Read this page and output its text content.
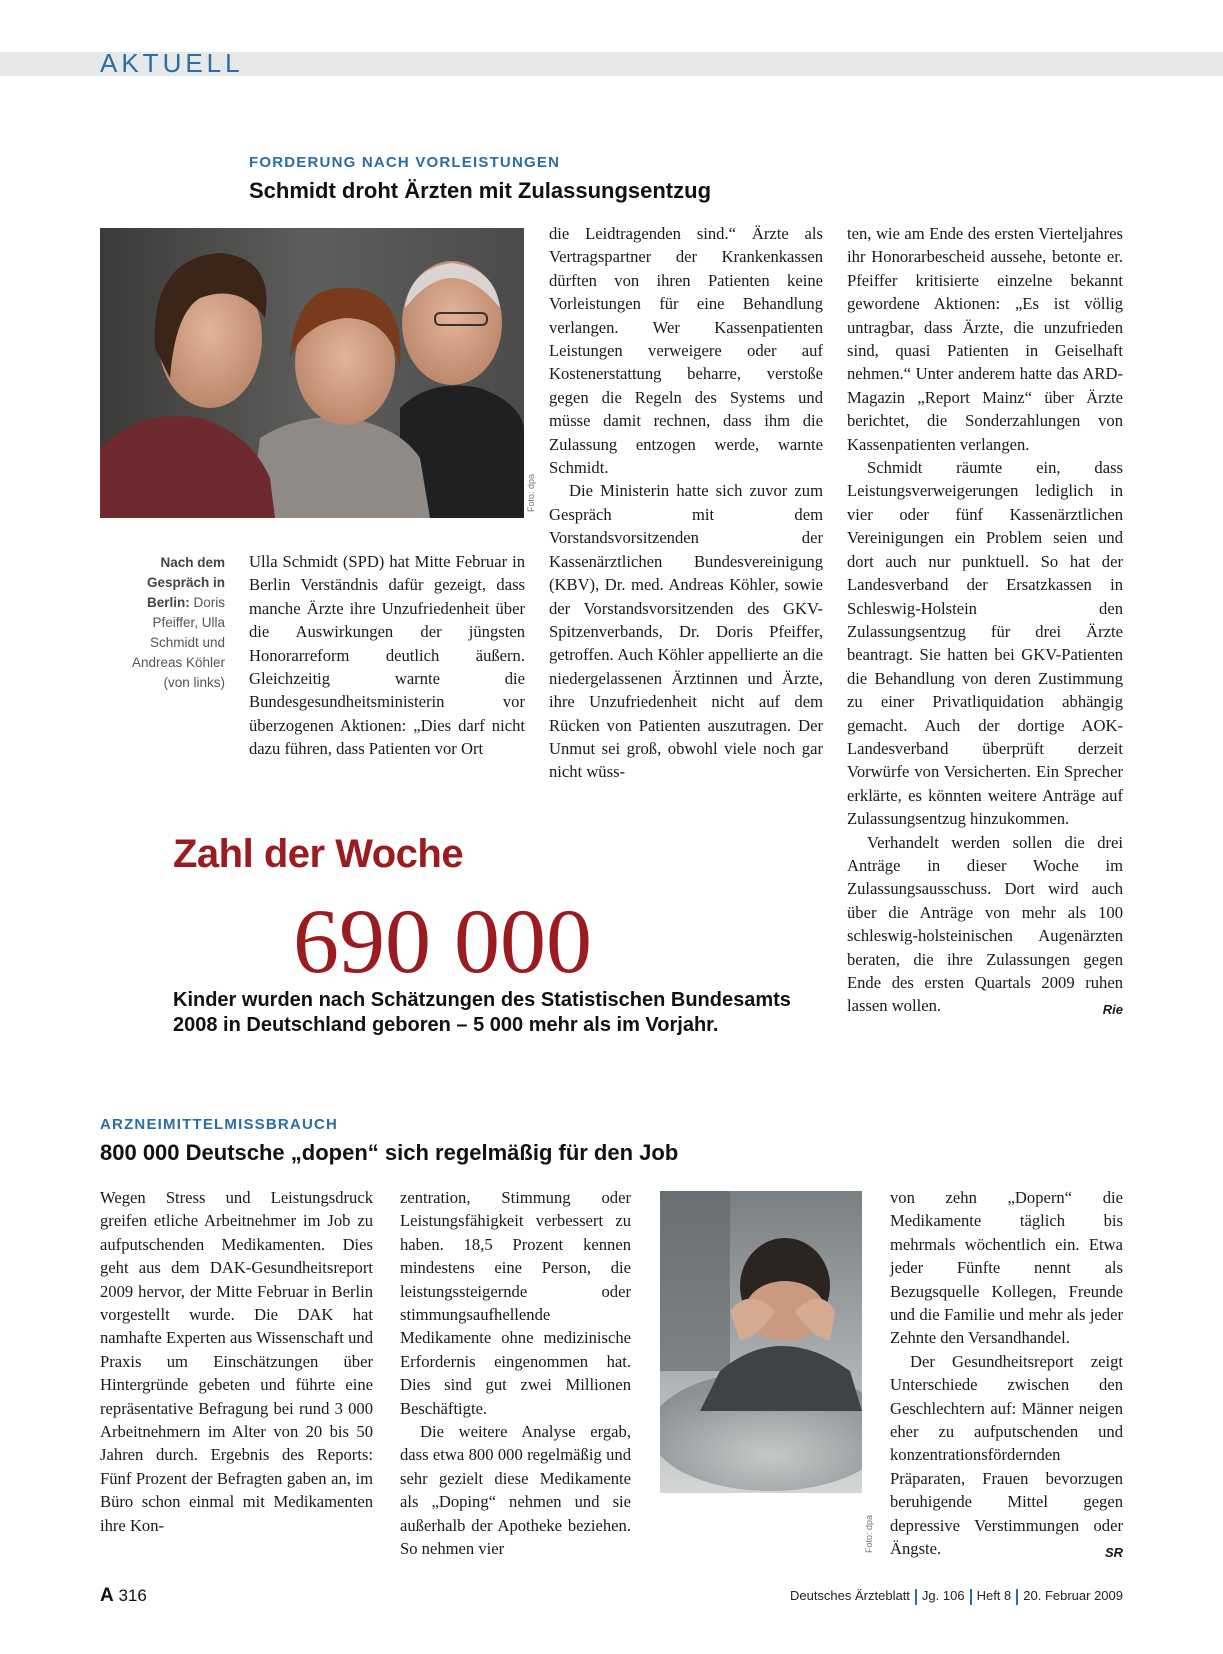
AKTUELL
FORDERUNG NACH VORLEISTUNGEN
Schmidt droht Ärzten mit Zulassungsentzug
Foto: dpa
Nach dem Gespräch in Berlin: Doris Pfeiffer, Ulla Schmidt und Andreas Köhler (von links)

Ulla Schmidt (SPD) hat Mitte Februar in Berlin Verständnis dafür gezeigt, dass manche Ärzte ihre Unzufriedenheit über die Auswirkungen der jüngsten Honorarreform deutlich äußern. Gleichzeitig warnte die Bundesgesundheitsministerin vor überzogenen Aktionen: „Dies darf nicht dazu führen, dass Patienten vor Ort

die Leidtragenden sind.“ Ärzte als Vertragspartner der Krankenkassen dürften von ihren Patienten keine Vorleistungen für eine Behandlung verlangen. Wer Kassenpatienten Leistungen verweigere oder auf Kostenerstattung beharre, verstoße gegen die Regeln des Systems und müsse damit rechnen, dass ihm die Zulassung entzogen werde, warnte Schmidt.

Die Ministerin hatte sich zuvor zum Gespräch mit dem Vorstandsvorsitzenden der Kassenärztlichen Bundesvereinigung (KBV), Dr. med. Andreas Köhler, sowie der Vorstandsvorsitzenden des GKV-Spitzenverbands, Dr. Doris Pfeiffer, getroffen. Auch Köhler appellierte an die niedergelassenen Ärztinnen und Ärzte, ihre Unzufriedenheit nicht auf dem Rücken von Patienten auszutragen. Der Unmut sei groß, obwohl viele noch gar nicht wüss-

ten, wie am Ende des ersten Vierteljahres ihr Honorarbescheid aussehe, betonte er. Pfeiffer kritisierte einzelne bekannt gewordene Aktionen: „Es ist völlig untragbar, dass Ärzte, die unzufrieden sind, quasi Patienten in Geiselhaft nehmen.“ Unter anderem hatte das ARD-Magazin „Report Mainz“ über Ärzte berichtet, die Sonderzahlungen von Kassenpatienten verlangen.

Schmidt räumte ein, dass Leistungsverweigerungen lediglich in vier oder fünf Kassenärztlichen Vereinigungen ein Problem seien und dort auch nur punktuell. So hat der Landesverband der Ersatzkassen in Schleswig-Holstein den Zulassungsentzug für drei Ärzte beantragt. Sie hatten bei GKV-Patienten die Behandlung von deren Zustimmung zu einer Privatliquidation abhängig gemacht. Auch der dortige AOK-Landesverband überprüft derzeit Vorwürfe von Versicherten. Ein Sprecher erklärte, es könnten weitere Anträge auf Zulassungsentzug hinzukommen.

Verhandelt werden sollen die drei Anträge in dieser Woche im Zulassungsausschuss. Dort wird auch über die Anträge von mehr als 100 schleswig-holsteinischen Augenärzten beraten, die ihre Zulassungen gegen Ende des ersten Quartals 2009 ruhen lassen wollen.	Rie

Zahl der Woche
690 000
Kinder wurden nach Schätzungen des Statistischen Bundesamts 2008 in Deutschland geboren – 5 000 mehr als im Vorjahr.
ARZNEIMITTELMISSBRAUCH
800 000 Deutsche „dopen“ sich regelmäßig für den Job

Wegen Stress und Leistungsdruck greifen etliche Arbeitnehmer im Job zu aufputschenden Medikamenten. Dies geht aus dem DAK-Gesundheitsreport 2009 hervor, der Mitte Februar in Berlin vorgestellt wurde. Die DAK hat namhafte Experten aus Wissenschaft und Praxis um Einschätzungen über Hintergründe gebeten und führte eine repräsentative Befragung bei rund 3 000 Arbeitnehmern im Alter von 20 bis 50 Jahren durch. Ergebnis des Reports: Fünf Prozent der Befragten gaben an, im Büro schon einmal mit Medikamenten ihre Kon-

zentration, Stimmung oder Leistungsfähigkeit verbessert zu haben. 18,5 Prozent kennen mindestens eine Person, die leistungssteigernde oder stimmungsaufhellende Medikamente ohne medizinische Erfordernis eingenommen hat. Dies sind gut zwei Millionen Beschäftigte.

Die weitere Analyse ergab, dass etwa 800 000 regelmäßig und sehr gezielt diese Medikamente als „Doping“ nehmen und sie außerhalb der Apotheke beziehen. So nehmen vier	Foto: dpa

von zehn „Dopern“ die Medikamente täglich bis mehrmals wöchentlich ein. Etwa jeder Fünfte nennt als Bezugsquelle Kollegen, Freunde und die Familie und mehr als jeder Zehnte den Versandhandel.

Der Gesundheitsreport zeigt Unterschiede zwischen den Geschlechtern auf: Männer neigen eher zu aufputschenden und konzentrationsfördernden Präparaten, Frauen bevorzugen beruhigende Mittel gegen depressive Verstimmungen oder Ängste.	SR

A 316	Deutsches Ärzteblatt Jg. 106 Heft 8 20. Februar 2009
